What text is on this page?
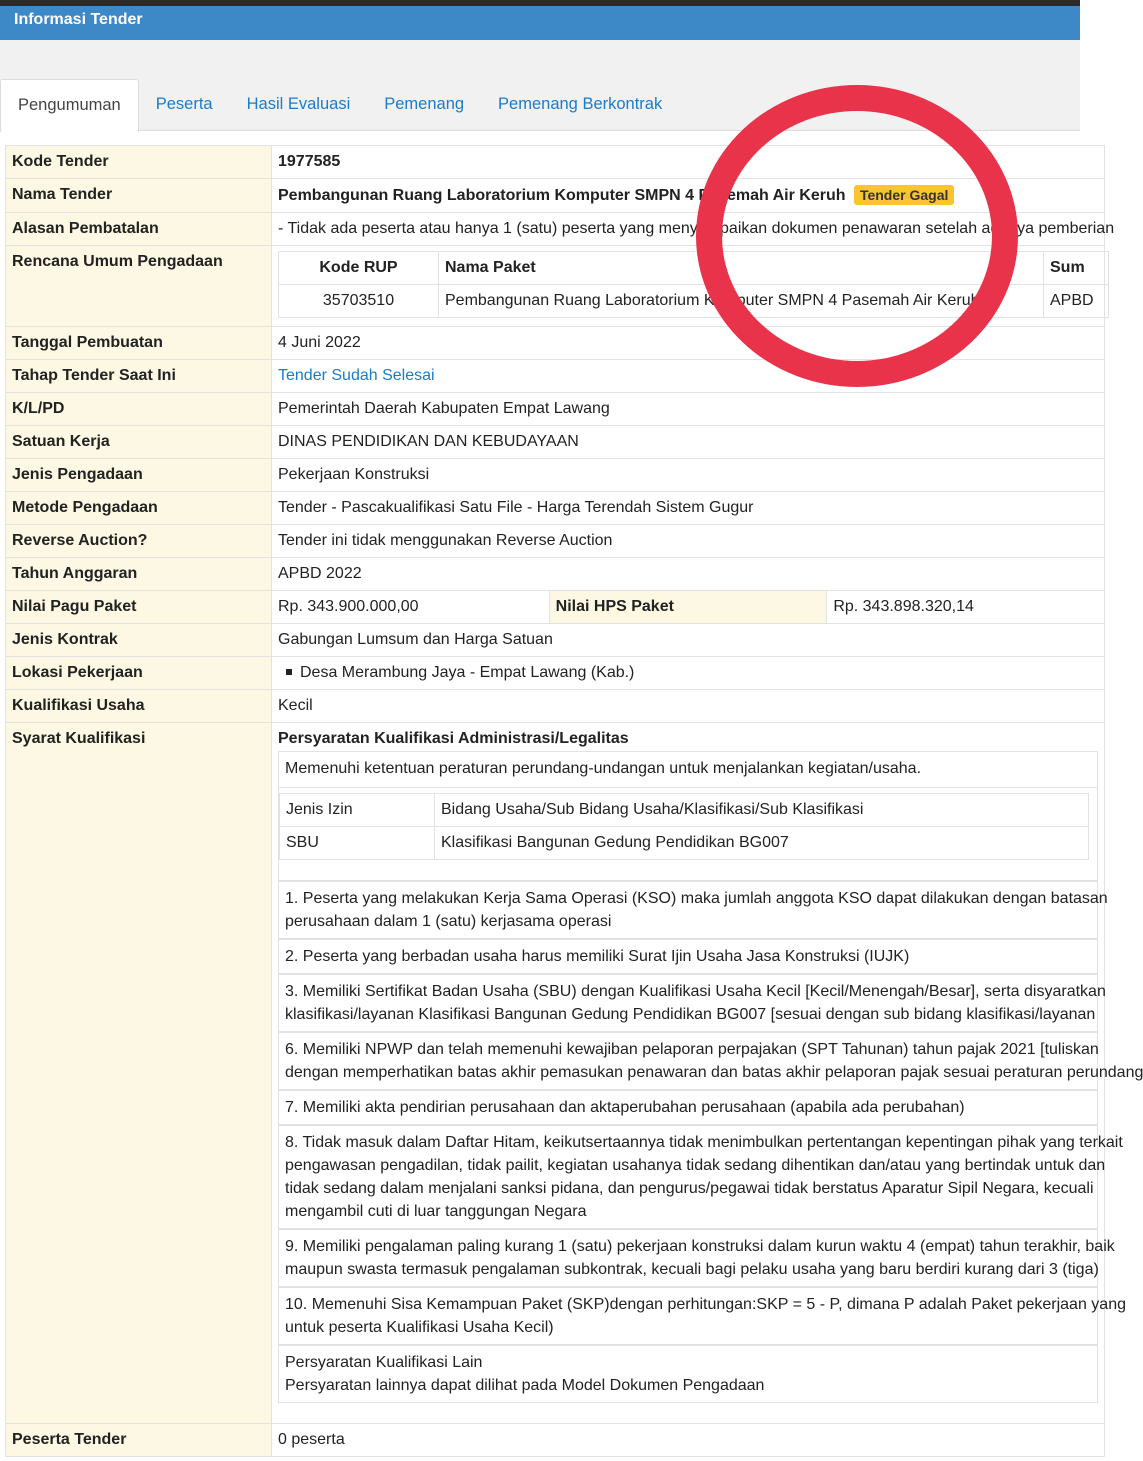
Informasi Tender
Pengumuman	Peserta	Hasil Evaluasi	Pemenang	Pemenang Berkontrak
Kode Tender	1977585
Nama Tender	Pembangunan Ruang Laboratorium Komputer SMPN 4 Pasemah Air Keruh Tender Gagal
Alasan Pembatalan	- Tidak ada peserta atau hanya 1 (satu) peserta yang menyampaikan dokumen penawaran setelah adanya pemberian
Rencana Umum Pengadaan		Kode RUP	Nama Paket	Sum
35703510	Pembangunan Ruang Laboratorium Komputer SMPN 4 Pasemah Air Keruh	APBD

Tanggal Pembuatan	4 Juni 2022
Tahap Tender Saat Ini	Tender Sudah Selesai
K/L/PD	Pemerintah Daerah Kabupaten Empat Lawang
Satuan Kerja	DINAS PENDIDIKAN DAN KEBUDAYAAN
Jenis Pengadaan	Pekerjaan Konstruksi
Metode Pengadaan	Tender - Pascakualifikasi Satu File - Harga Terendah Sistem Gugur
Reverse Auction?	Tender ini tidak menggunakan Reverse Auction
Tahun Anggaran	APBD 2022
Nilai Pagu Paket	Rp. 343.900.000,00	Nilai HPS Paket	Rp. 343.898.320,14
Jenis Kontrak	Gabungan Lumsum dan Harga Satuan
Lokasi Pekerjaan	Desa Merambung Jaya - Empat Lawang (Kab.)
Kualifikasi Usaha	Kecil
Syarat Kualifikasi	Persyaratan Kualifikasi Administrasi/Legalitas
Memenuhi ketentuan peraturan perundang-undangan untuk menjalankan kegiatan/usaha.
Jenis Izin	Bidang Usaha/Sub Bidang Usaha/Klasifikasi/Sub Klasifikasi
SBU	Klasifikasi Bangunan Gedung Pendidikan BG007
1. Peserta yang melakukan Kerja Sama Operasi (KSO) maka jumlah anggota KSO dapat dilakukan dengan batasan
perusahaan dalam 1 (satu) kerjasama operasi
2. Peserta yang berbadan usaha harus memiliki Surat Ijin Usaha Jasa Konstruksi (IUJK)
3. Memiliki Sertifikat Badan Usaha (SBU) dengan Kualifikasi Usaha Kecil [Kecil/Menengah/Besar], serta disyaratkan
klasifikasi/layanan Klasifikasi Bangunan Gedung Pendidikan BG007 [sesuai dengan sub bidang klasifikasi/layanan
6. Memiliki NPWP dan telah memenuhi kewajiban pelaporan perpajakan (SPT Tahunan) tahun pajak 2021 [tuliskan
dengan memperhatikan batas akhir pemasukan penawaran dan batas akhir pelaporan pajak sesuai peraturan perundang
7. Memiliki akta pendirian perusahaan dan aktaperubahan perusahaan (apabila ada perubahan)
8. Tidak masuk dalam Daftar Hitam, keikutsertaannya tidak menimbulkan pertentangan kepentingan pihak yang terkait
pengawasan pengadilan, tidak pailit, kegiatan usahanya tidak sedang dihentikan dan/atau yang bertindak untuk dan
tidak sedang dalam menjalani sanksi pidana, dan pengurus/pegawai tidak berstatus Aparatur Sipil Negara, kecuali
mengambil cuti di luar tanggungan Negara
9. Memiliki pengalaman paling kurang 1 (satu) pekerjaan konstruksi dalam kurun waktu 4 (empat) tahun terakhir, baik
maupun swasta termasuk pengalaman subkontrak, kecuali bagi pelaku usaha yang baru berdiri kurang dari 3 (tiga)
10. Memenuhi Sisa Kemampuan Paket (SKP)dengan perhitungan:SKP = 5 - P, dimana P adalah Paket pekerjaan yang
untuk peserta Kualifikasi Usaha Kecil)
Persyaratan Kualifikasi Lain
Persyaratan lainnya dapat dilihat pada Model Dokumen Pengadaan

Peserta Tender	0 peserta
